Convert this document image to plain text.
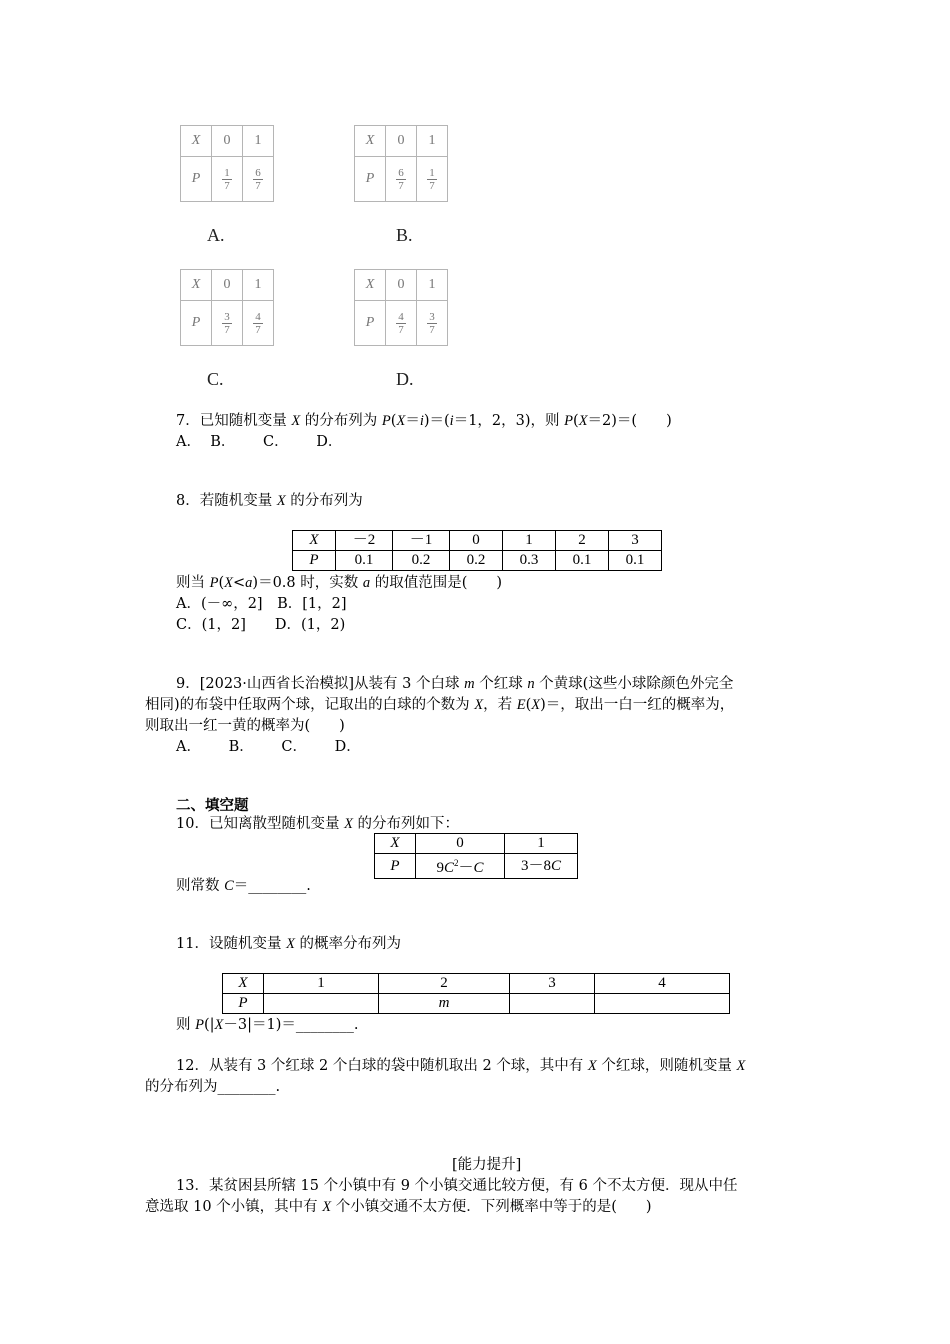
X	0	1
P	$\frac{1}{7}$	$\frac{6}{7}$
A.
X	0	1
P	$\frac{6}{7}$	$\frac{1}{7}$
B.
X	0	1
P	$\frac{3}{7}$	$\frac{4}{7}$
C.
X	0	1
P	$\frac{4}{7}$	$\frac{3}{7}$
D.
7．已知随机变量 X 的分布列为 P(X＝i)＝(i＝1，2，3)，则 P(X＝2)＝(　　)
A．  B．      C．      D．
8．若随机变量 X 的分布列为
X	－2	－1	0	1	2	3
P	0.1	0.2	0.2	0.3	0.1	0.1
则当 P(X<a)＝0.8 时，实数 a 的取值范围是(　　)
A．(－∞，2]　B．[1，2]
C．(1，2]　　D．(1，2)
9．[2023·山西省长治模拟]从装有 3 个白球 m 个红球 n 个黄球(这些小球除颜色外完全
相同)的布袋中任取两个球，记取出的白球的个数为 X，若 E(X)＝，取出一白一红的概率为，
则取出一红一黄的概率为(　　)
A．      B．      C．      D．
二、填空题
10．已知离散型随机变量 X 的分布列如下：
X	0	1
P	$9C^2-C$	3－8C
则常数 C＝________.
11．设随机变量 X 的概率分布列为
X	1	2	3	4
P		m		
则 P(|X－3|＝1)＝________.
12．从装有 3 个红球 2 个白球的袋中随机取出 2 个球，其中有 X 个红球，则随机变量 X
的分布列为________.
[能力提升]
13．某贫困县所辖 15 个小镇中有 9 个小镇交通比较方便，有 6 个不太方便．现从中任
意选取 10 个小镇，其中有 X 个小镇交通不太方便．下列概率中等于的是(　　)
